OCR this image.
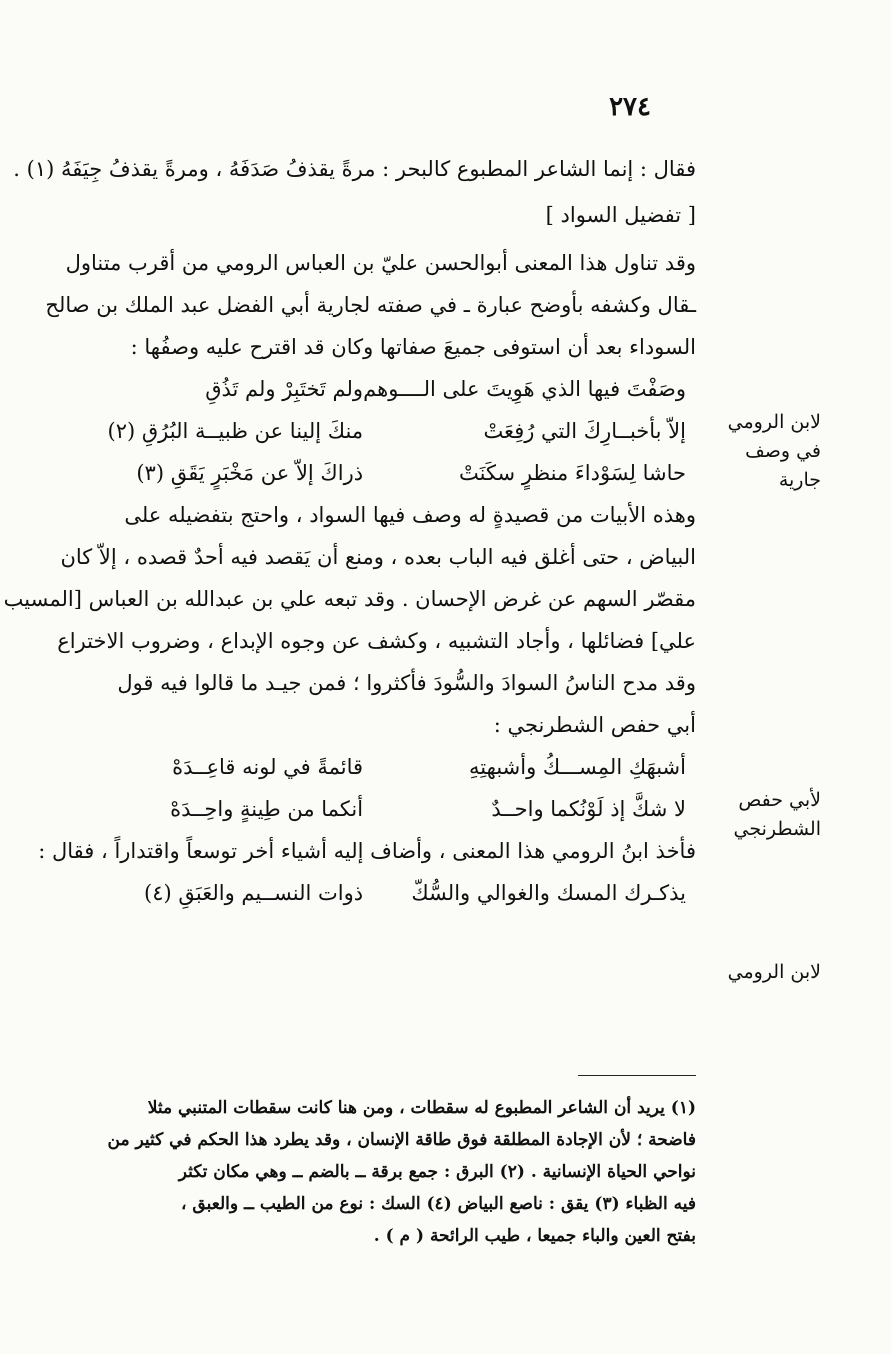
٢٧٤
فقال : إنما الشاعر المطبوع كالبحر : مرةً يقذفُ صَدَفَهُ ، ومرةً يقذفُ جِيَفَهُ (١) .
[ تفضيل السواد ]
وقد تناول هذا المعنى أبوالحسن عليّ بن العباس الرومي من أقرب متناول
ـقال وكشفه بأوضح عبارة ـ في صفته لجارية أبي الفضل عبد الملك بن صالح
السوداء بعد أن استوفى جميعَ صفاتها وكان قد اقترح عليه وصفُها :
وصَفْتَ فيها الذي هَوِيتَ على الــــوهم
ولم تَختَبِرْ ولم تَذُقِ
إلاّ بأخبــارِكَ التي رُفِعَتْ
منكَ إلينا عن ظبيــة البُرُقِ (٢)
حاشا لِسَوْداءَ منظرٍ سكَنَتْ
ذراكَ إلاّ عن مَخْبَرٍ يَقَقِ (٣)
وهذه الأبيات من قصيدةٍ له وصف فيها السواد ، واحتج بتفضيله على
البياض ، حتى أغلق فيه الباب بعده ، ومنع أن يَقصد فيه أحدٌ قصده ، إلاّ كان
مقصّر السهم عن غرض الإحسان . وقد تبعه علي بن عبدالله بن العباس [المسيب
علي] فضائلها ، وأجاد التشبيه ، وكشف عن وجوه الإبداع ، وضروب الاختراع
وقد مدح الناسُ السوادَ والسُّودَ فأكثروا ؛ فمن جيـد ما قالوا فيه قول
أبي حفص الشطرنجي :
أشبهَكِ المِســـكُ وأشبهتِهِ
قائمةً في لونه قاعِــدَهْ
لا شكَّ إذ لَوْنُكما واحــدٌ
أنكما من طِينةٍ واحِــدَهْ
فأخذ ابنُ الرومي هذا المعنى ، وأضاف إليه أشياء أخر توسعاً واقتداراً ، فقال :
يذكـرك المسك والغوالي والسُّكّ
ذوات النســيم والعَبَقِ (٤)
لابن الرومي
في وصف
جارية
لأبي حفص
الشطرنجي
لابن الرومي
(١) يريد أن الشاعر المطبوع له سقطات ، ومن هنا كانت سقطات المتنبي مثلا
فاضحة ؛ لأن الإجادة المطلقة فوق طاقة الإنسان ، وقد يطرد هذا الحكم في كثير من
نواحي الحياة الإنسانية . (٢) البرق : جمع برقة ــ بالضم ــ وهي مكان تكثر
فيه الظباء (٣) يقق : ناصع البياض (٤) السك : نوع من الطيب ــ والعبق ،
بفتح العين والباء جميعا ، طيب الرائحة ( م ) .
